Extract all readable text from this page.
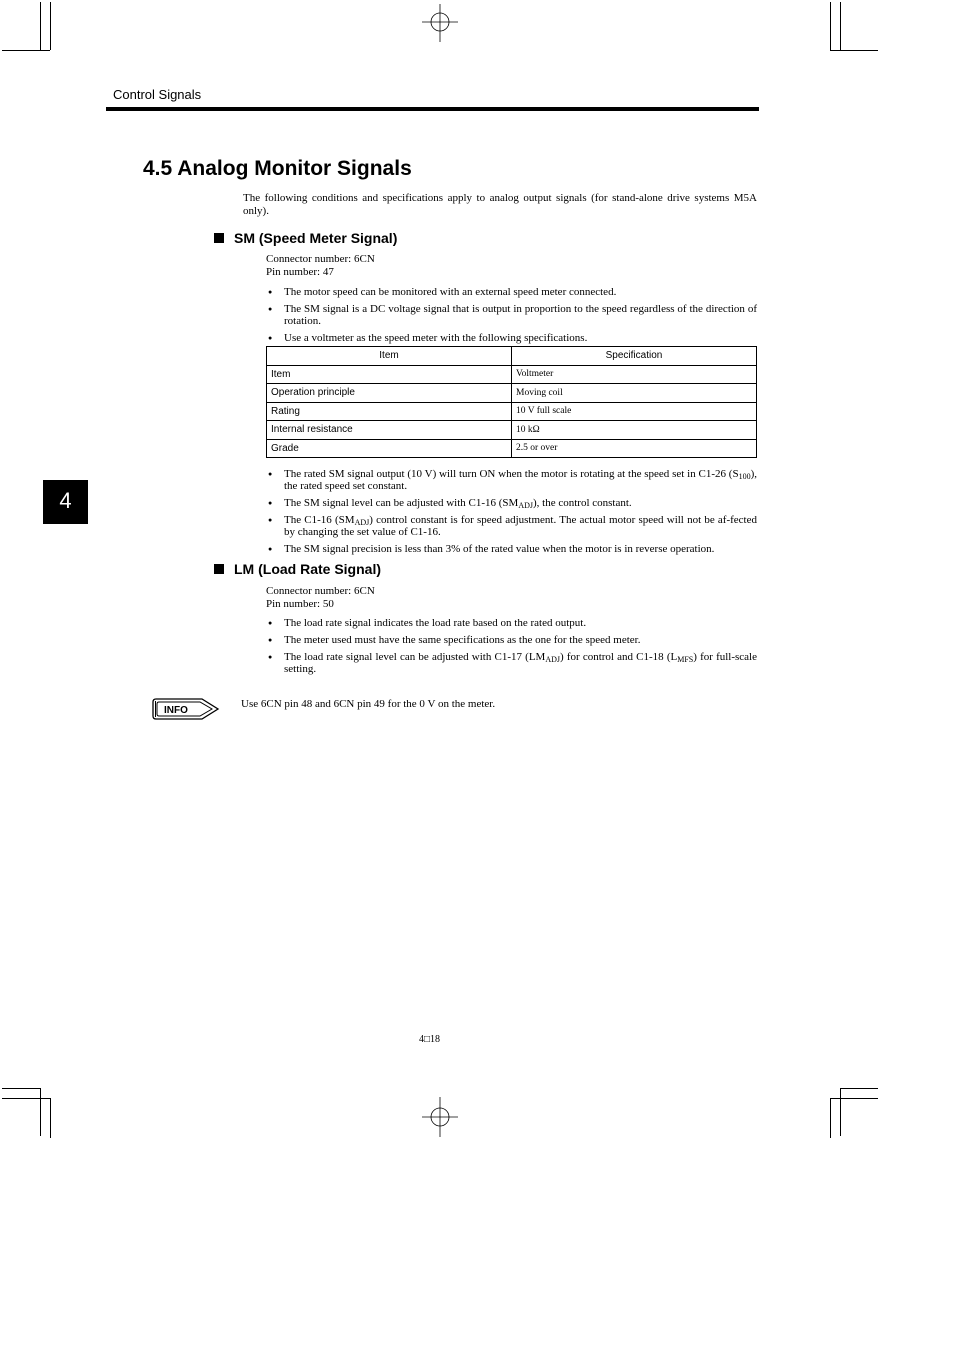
Control Signals
4
4.5 Analog Monitor Signals
The following conditions and specifications apply to analog output signals (for stand-alone drive systems M5A only).
SM (Speed Meter Signal)
Connector number: 6CN
Pin number: 47
● The motor speed can be monitored with an external speed meter connected.
● The SM signal is a DC voltage signal that is output in proportion to the speed regardless of the direction of rotation.
● Use a voltmeter as the speed meter with the following specifications.
Item	Specification
Item	Voltmeter
Operation principle	Moving coil
Rating	10 V full scale
Internal resistance	10 kΩ
Grade	2.5 or over
● The rated SM signal output (10 V) will turn ON when the motor is rotating at the speed set in C1-26 $(S_{100})$, the rated speed set constant.
● The SM signal level can be adjusted with C1-16 $(SM_{ADJ})$, the control constant.
● The C1-16 $(SM_{ADJ})$ control constant is for speed adjustment. The actual motor speed will not be af-fected by changing the set value of C1-16.
● The SM signal precision is less than 3% of the rated value when the motor is in reverse operation.
LM (Load Rate Signal)
Connector number: 6CN
Pin number: 50
● The load rate signal indicates the load rate based on the rated output.
● The meter used must have the same specifications as the one for the speed meter.
● The load rate signal level can be adjusted with C1-17 $(LM_{ADJ})$ for control and C1-18 $(L_{MFS})$ for full-scale setting.
INFO
Use 6CN pin 48 and 6CN pin 49 for the 0 V on the meter.
4□18
